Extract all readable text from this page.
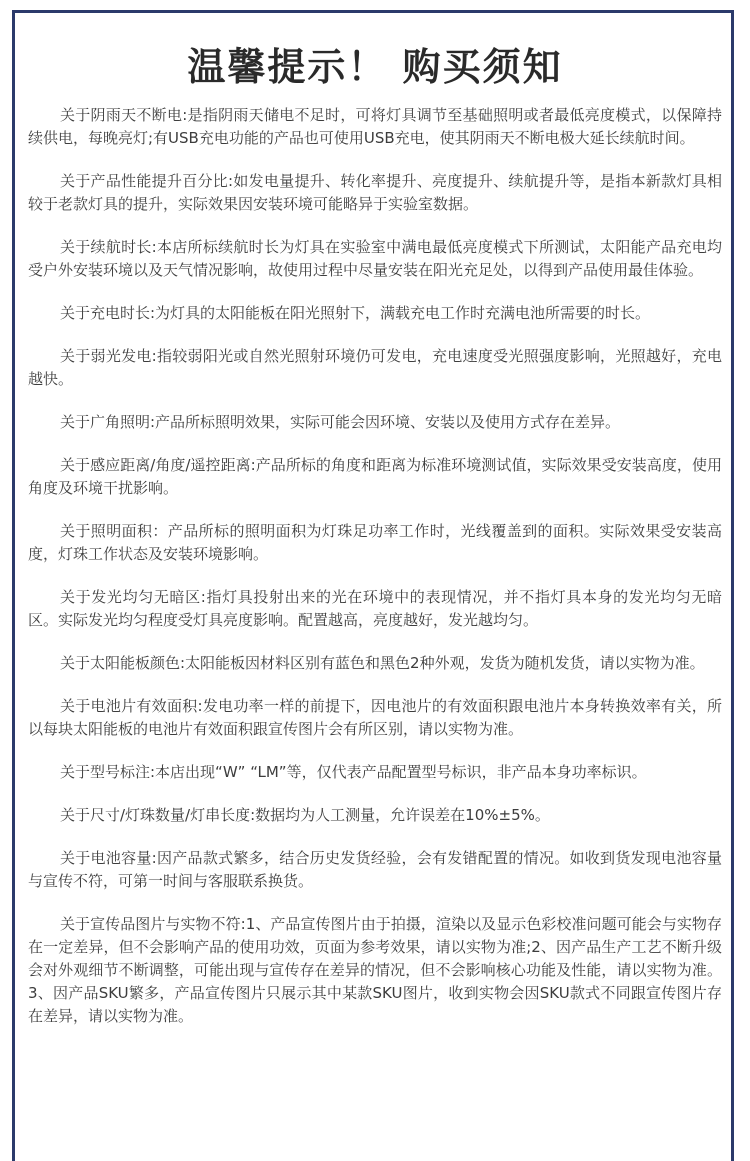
温馨提示！ 购买须知
关于阴雨天不断电:是指阴雨天储电不足时，可将灯具调节至基础照明或者最低亮度模式，以保障持续供电，每晚亮灯;有USB充电功能的产品也可使用USB充电，使其阴雨天不断电极大延长续航时间。
关于产品性能提升百分比:如发电量提升、转化率提升、亮度提升、续航提升等，是指本新款灯具相较于老款灯具的提升，实际效果因安装环境可能略异于实验室数据。
关于续航时长:本店所标续航时长为灯具在实验室中满电最低亮度模式下所测试，太阳能产品充电均受户外安装环境以及天气情况影响，故使用过程中尽量安装在阳光充足处，以得到产品使用最佳体验。
关于充电时长:为灯具的太阳能板在阳光照射下，满载充电工作时充满电池所需要的时长。
关于弱光发电:指较弱阳光或自然光照射环境仍可发电，充电速度受光照强度影响，光照越好，充电越快。
关于广角照明:产品所标照明效果，实际可能会因环境、安装以及使用方式存在差异。
关于感应距离/角度/遥控距离:产品所标的角度和距离为标准环境测试值，实际效果受安装高度，使用角度及环境干扰影响。
关于照明面积：产品所标的照明面积为灯珠足功率工作时，光线覆盖到的面积。实际效果受安装高度，灯珠工作状态及安装环境影响。
关于发光均匀无暗区:指灯具投射出来的光在环境中的表现情况，并不指灯具本身的发光均匀无暗区。实际发光均匀程度受灯具亮度影响。配置越高，亮度越好，发光越均匀。
关于太阳能板颜色:太阳能板因材料区别有蓝色和黑色2种外观，发货为随机发货，请以实物为准。
关于电池片有效面积:发电功率一样的前提下，因电池片的有效面积跟电池片本身转换效率有关，所以每块太阳能板的电池片有效面积跟宣传图片会有所区别，请以实物为准。
关于型号标注:本店出现“W” “LM”等，仅代表产品配置型号标识，非产品本身功率标识。
关于尺寸/灯珠数量/灯串长度:数据均为人工测量，允许误差在10%±5%。
关于电池容量:因产品款式繁多，结合历史发货经验，会有发错配置的情况。如收到货发现电池容量与宣传不符，可第一时间与客服联系换货。
关于宣传品图片与实物不符:1、产品宣传图片由于拍摄，渲染以及显示色彩校准问题可能会与实物存在一定差异，但不会影响产品的使用功效，页面为参考效果，请以实物为准;2、因产品生产工艺不断升级会对外观细节不断调整，可能出现与宣传存在差异的情况，但不会影响核心功能及性能，请以实物为准。3、因产品SKU繁多，产品宣传图片只展示其中某款SKU图片，收到实物会因SKU款式不同跟宣传图片存在差异，请以实物为准。
